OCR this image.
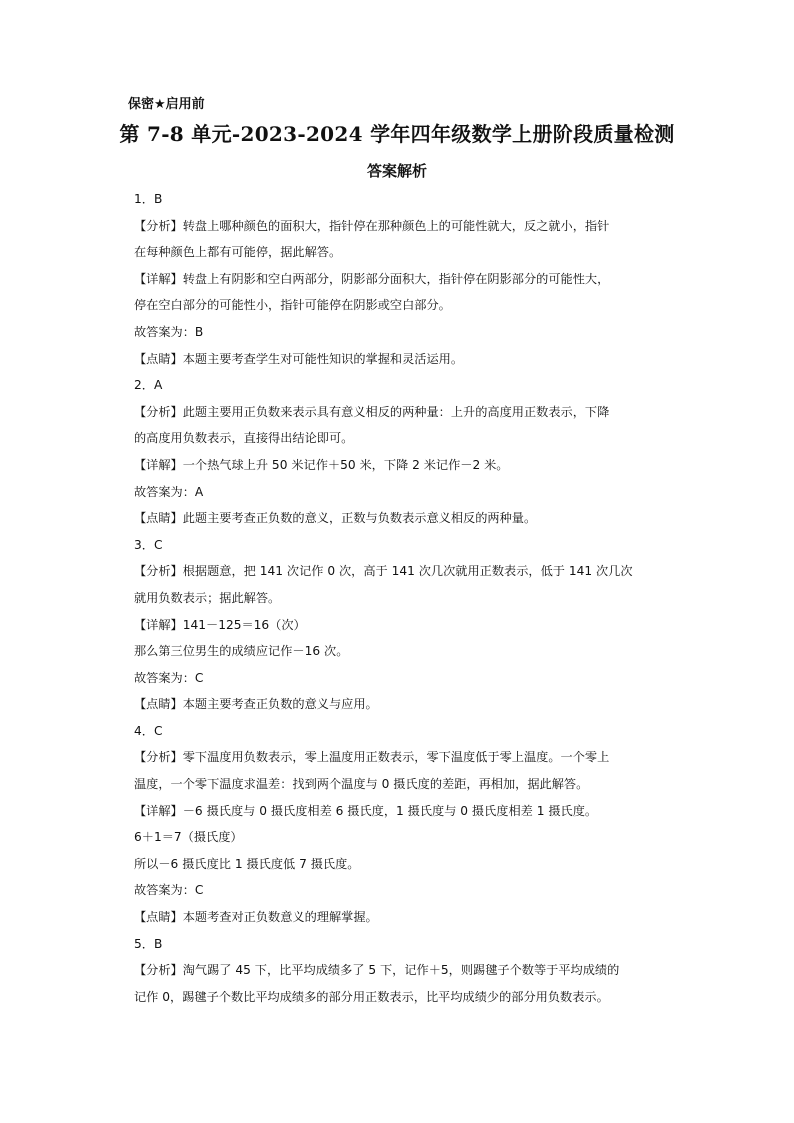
保密★启用前
第 7-8 单元-2023-2024 学年四年级数学上册阶段质量检测
答案解析
1．B
【分析】转盘上哪种颜色的面积大，指针停在那种颜色上的可能性就大，反之就小，指针
在每种颜色上都有可能停，据此解答。
【详解】转盘上有阴影和空白两部分，阴影部分面积大，指针停在阴影部分的可能性大，
停在空白部分的可能性小，指针可能停在阴影或空白部分。
故答案为：B
【点睛】本题主要考查学生对可能性知识的掌握和灵活运用。
2．A
【分析】此题主要用正负数来表示具有意义相反的两种量：上升的高度用正数表示，下降
的高度用负数表示，直接得出结论即可。
【详解】一个热气球上升 50 米记作＋50 米，下降 2 米记作－2 米。
故答案为：A
【点睛】此题主要考查正负数的意义，正数与负数表示意义相反的两种量。
3．C
【分析】根据题意，把 141 次记作 0 次，高于 141 次几次就用正数表示，低于 141 次几次
就用负数表示；据此解答。
【详解】141－125＝16（次）
那么第三位男生的成绩应记作－16 次。
故答案为：C
【点睛】本题主要考查正负数的意义与应用。
4．C
【分析】零下温度用负数表示，零上温度用正数表示，零下温度低于零上温度。一个零上
温度，一个零下温度求温差：找到两个温度与 0 摄氏度的差距，再相加，据此解答。
【详解】－6 摄氏度与 0 摄氏度相差 6 摄氏度，1 摄氏度与 0 摄氏度相差 1 摄氏度。
6＋1＝7（摄氏度）
所以－6 摄氏度比 1 摄氏度低 7 摄氏度。
故答案为：C
【点睛】本题考查对正负数意义的理解掌握。
5．B
【分析】淘气踢了 45 下，比平均成绩多了 5 下，记作＋5，则踢毽子个数等于平均成绩的
记作 0，踢毽子个数比平均成绩多的部分用正数表示，比平均成绩少的部分用负数表示。
